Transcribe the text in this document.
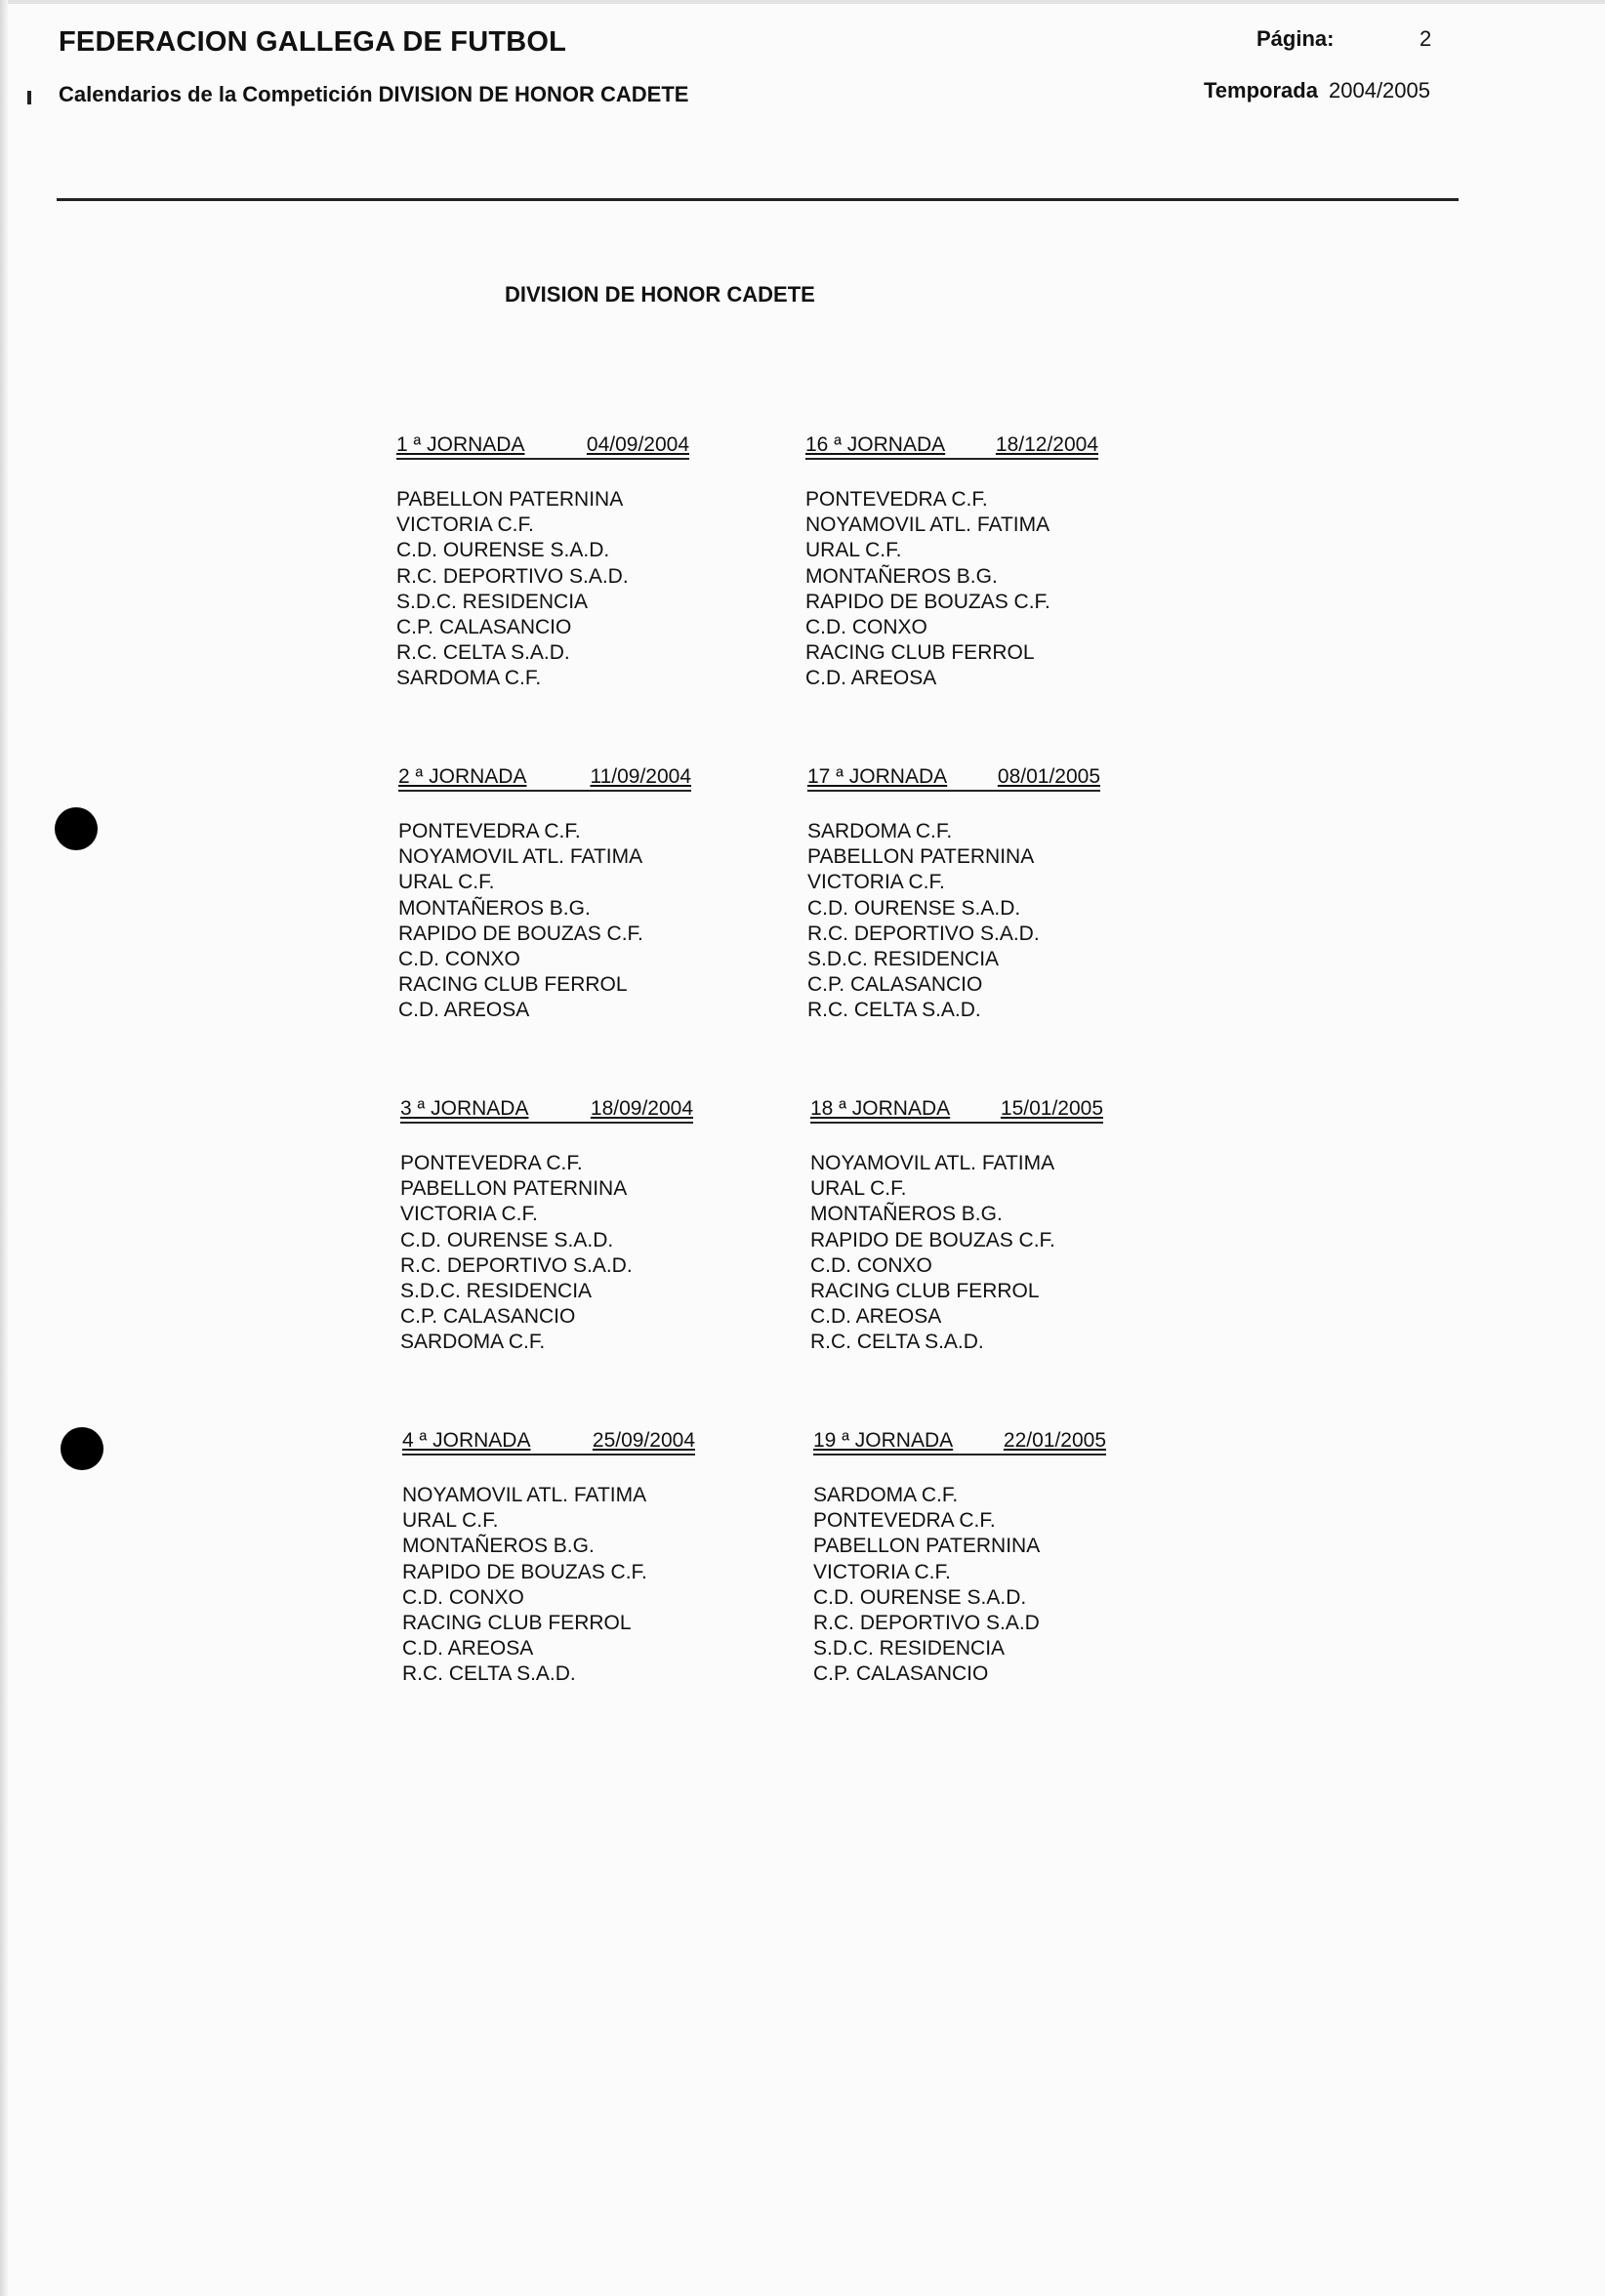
FEDERACION GALLEGA DE FUTBOL	Página:	2
Calendarios de la Competición DIVISION DE HONOR CADETE	Temporada 2004/2005
DIVISION DE HONOR CADETE
1 ª JORNADA	04/09/2004
PABELLON PATERNINA
VICTORIA C.F.
C.D. OURENSE S.A.D.
R.C. DEPORTIVO S.A.D.
S.D.C. RESIDENCIA
C.P. CALASANCIO
R.C. CELTA S.A.D.
SARDOMA C.F.
16 ª JORNADA 18/12/2004
PONTEVEDRA C.F.
NOYAMOVIL ATL. FATIMA
URAL C.F.
MONTAÑEROS B.G.
RAPIDO DE BOUZAS C.F.
C.D. CONXO
RACING CLUB FERROL
C.D. AREOSA
2 ª JORNADA	11/09/2004
PONTEVEDRA C.F.
NOYAMOVIL ATL. FATIMA
URAL C.F.
MONTAÑEROS B.G.
RAPIDO DE BOUZAS C.F.
C.D. CONXO
RACING CLUB FERROL
C.D. AREOSA
17 ª JORNADA 08/01/2005
SARDOMA C.F.
PABELLON PATERNINA
VICTORIA C.F.
C.D. OURENSE S.A.D.
R.C. DEPORTIVO S.A.D.
S.D.C. RESIDENCIA
C.P. CALASANCIO
R.C. CELTA S.A.D.
3 ª JORNADA	18/09/2004
PONTEVEDRA C.F.
PABELLON PATERNINA
VICTORIA C.F.
C.D. OURENSE S.A.D.
R.C. DEPORTIVO S.A.D.
S.D.C. RESIDENCIA
C.P. CALASANCIO
SARDOMA C.F.
18 ª JORNADA 15/01/2005
NOYAMOVIL ATL. FATIMA
URAL C.F.
MONTAÑEROS B.G.
RAPIDO DE BOUZAS C.F.
C.D. CONXO
RACING CLUB FERROL
C.D. AREOSA
R.C. CELTA S.A.D.
4 ª JORNADA	25/09/2004
NOYAMOVIL ATL. FATIMA
URAL C.F.
MONTAÑEROS B.G.
RAPIDO DE BOUZAS C.F.
C.D. CONXO
RACING CLUB FERROL
C.D. AREOSA
R.C. CELTA S.A.D.
19 ª JORNADA 22/01/2005
SARDOMA C.F.
PONTEVEDRA C.F.
PABELLON PATERNINA
VICTORIA C.F.
C.D. OURENSE S.A.D.
R.C. DEPORTIVO S.A.D
S.D.C. RESIDENCIA
C.P. CALASANCIO
